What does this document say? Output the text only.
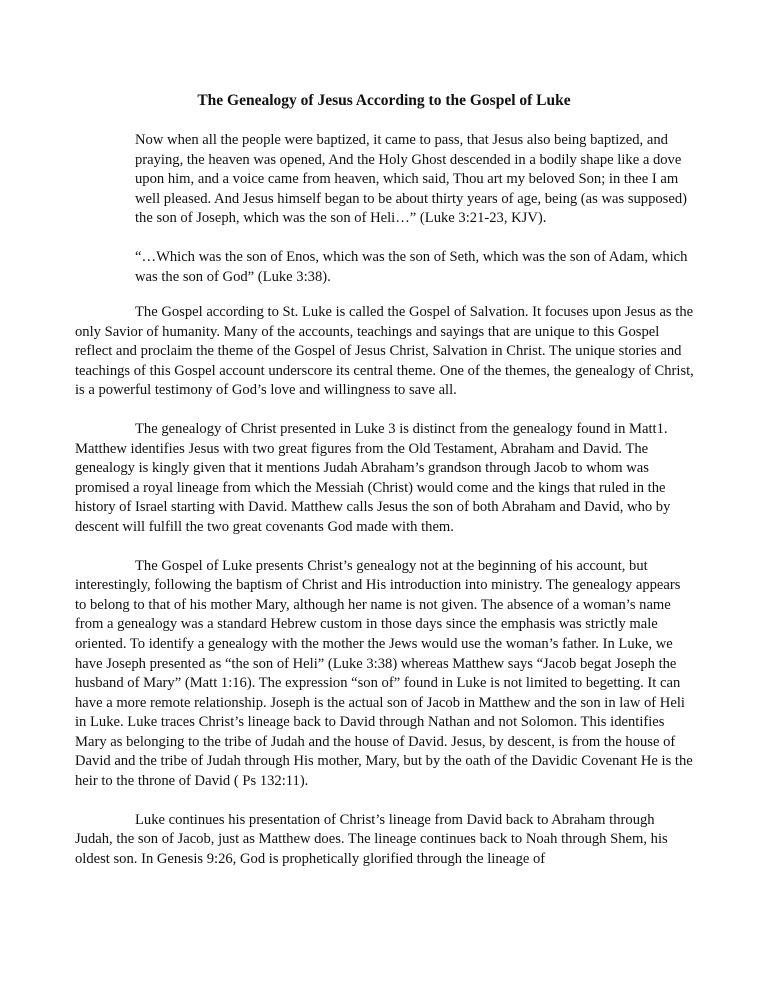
The Genealogy of Jesus According to the Gospel of Luke

Now when all the people were baptized, it came to pass, that Jesus also being baptized, and praying, the heaven was opened, And the Holy Ghost descended in a bodily shape like a dove upon him, and a voice came from heaven, which said, Thou art my beloved Son; in thee I am well pleased. And Jesus himself began to be about thirty years of age, being (as was supposed) the son of Joseph, which was the son of Heli…” (Luke 3:21-23, KJV).

“…Which was the son of Enos, which was the son of Seth, which was the son of Adam, which was the son of God” (Luke 3:38).

The Gospel according to St. Luke is called the Gospel of Salvation. It focuses upon Jesus as the only Savior of humanity. Many of the accounts, teachings and sayings that are unique to this Gospel reflect and proclaim the theme of the Gospel of Jesus Christ, Salvation in Christ. The unique stories and teachings of this Gospel account underscore its central theme. One of the themes, the genealogy of Christ, is a powerful testimony of God’s love and willingness to save all.

The genealogy of Christ presented in Luke 3 is distinct from the genealogy found in Matt1. Matthew identifies Jesus with two great figures from the Old Testament, Abraham and David. The genealogy is kingly given that it mentions Judah Abraham’s grandson through Jacob to whom was promised a royal lineage from which the Messiah (Christ) would come and the kings that ruled in the history of Israel starting with David. Matthew calls Jesus the son of both Abraham and David, who by descent will fulfill the two great covenants God made with them.

The Gospel of Luke presents Christ’s genealogy not at the beginning of his account, but interestingly, following the baptism of Christ and His introduction into ministry. The genealogy appears to belong to that of his mother Mary, although her name is not given. The absence of a woman’s name from a genealogy was a standard Hebrew custom in those days since the emphasis was strictly male oriented. To identify a genealogy with the mother the Jews would use the woman’s father. In Luke, we have Joseph presented as “the son of Heli” (Luke 3:38) whereas Matthew says “Jacob begat Joseph the husband of Mary” (Matt 1:16). The expression “son of” found in Luke is not limited to begetting. It can have a more remote relationship. Joseph is the actual son of Jacob in Matthew and the son in law of Heli in Luke. Luke traces Christ’s lineage back to David through Nathan and not Solomon. This identifies Mary as belonging to the tribe of Judah and the house of David. Jesus, by descent, is from the house of David and the tribe of Judah through His mother, Mary, but by the oath of the Davidic Covenant He is the heir to the throne of David ( Ps 132:11).

Luke continues his presentation of Christ’s lineage from David back to Abraham through Judah, the son of Jacob, just as Matthew does. The lineage continues back to Noah through Shem, his oldest son. In Genesis 9:26, God is prophetically glorified through the lineage of
